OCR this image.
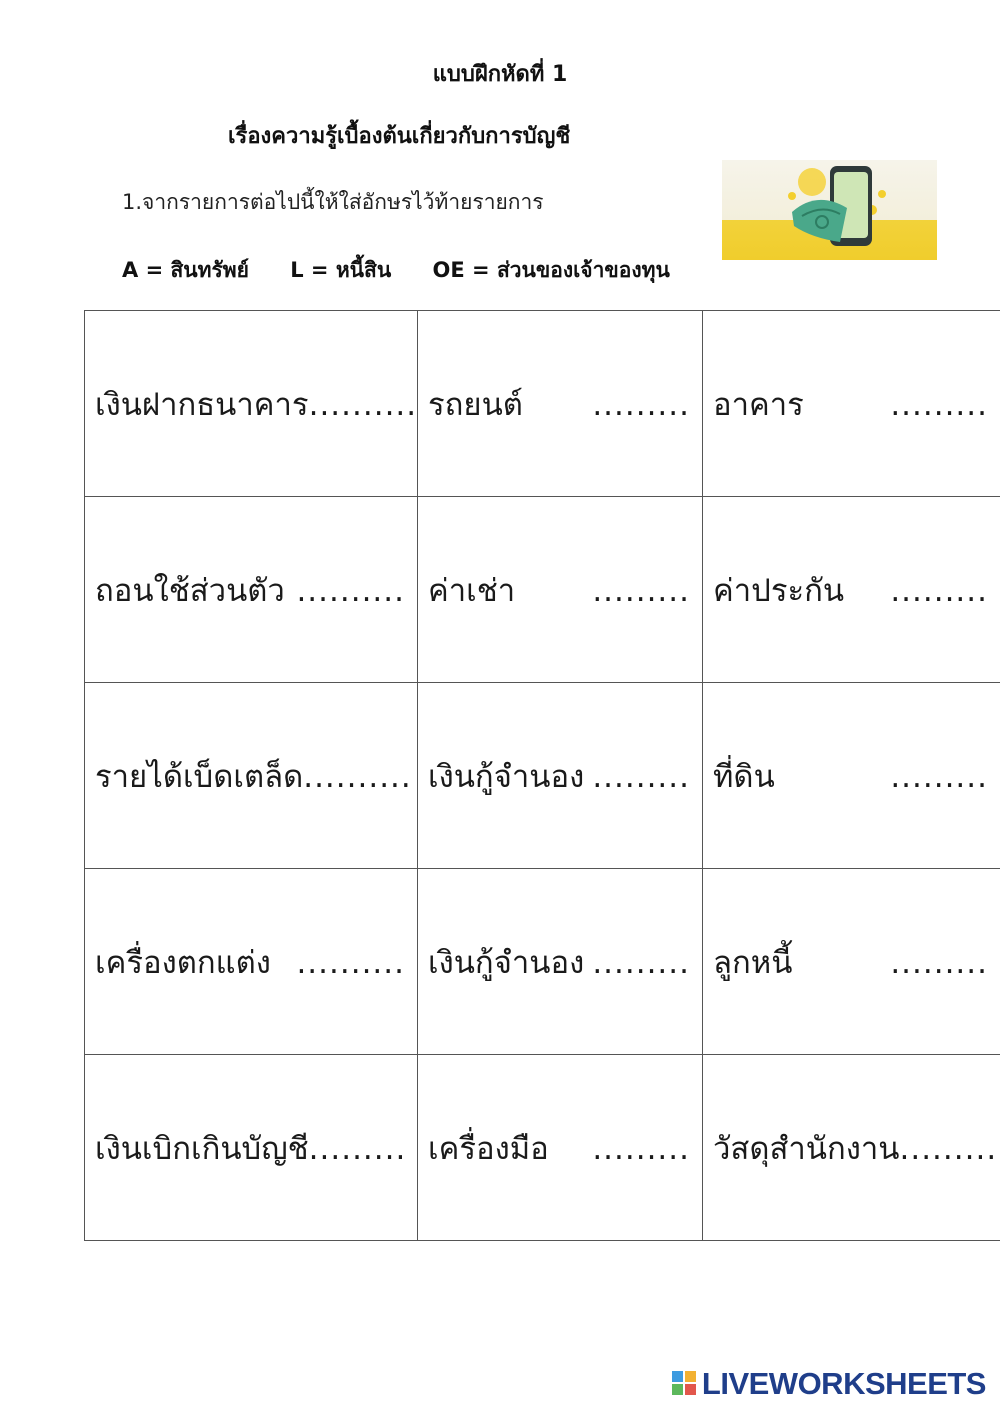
แบบฝึกหัดที่ 1
เรื่องความรู้เบื้องต้นเกี่ยวกับการบัญชี
1.จากรายการต่อไปนี้ให้ใส่อักษรไว้ท้ายรายการ
A = สินทรัพย์ L = หนี้สิน OE = ส่วนของเจ้าของทุน
เงินฝากธนาคาร ..........	รถยนต์ .........	อาคาร .........

ถอนใช้ส่วนตัว ..........	ค่าเช่า .........	ค่าประกัน .........

รายได้เบ็ดเตล็ด ..........	เงินกู้จำนอง .........	ที่ดิน .........

เครื่องตกแต่ง ..........	เงินกู้จำนอง .........	ลูกหนี้ .........

เงินเบิกเกินบัญชี .........	เครื่องมือ .........	วัสดุสำนักงาน .........
LIVEWORKSHEETS
